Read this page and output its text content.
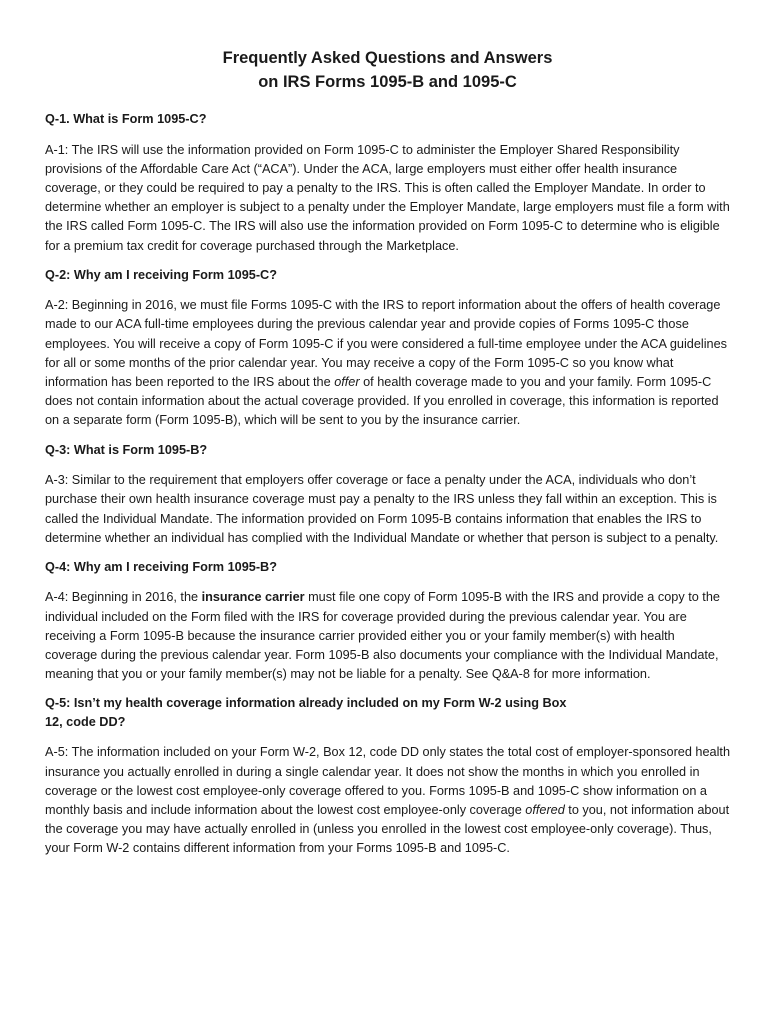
Frequently Asked Questions and Answers
on IRS Forms 1095-B and 1095-C

Q-1. What is Form 1095-C?

A-1: The IRS will use the information provided on Form 1095-C to administer the Employer Shared Responsibility provisions of the Affordable Care Act (“ACA”). Under the ACA, large employers must either offer health insurance coverage, or they could be required to pay a penalty to the IRS. This is often called the Employer Mandate. In order to determine whether an employer is subject to a penalty under the Employer Mandate, large employers must file a form with the IRS called Form 1095-C. The IRS will also use the information provided on Form 1095-C to determine who is eligible for a premium tax credit for coverage purchased through the Marketplace.

Q-2: Why am I receiving Form 1095-C?

A-2: Beginning in 2016, we must file Forms 1095-C with the IRS to report information about the offers of health coverage made to our ACA full-time employees during the previous calendar year and provide copies of Forms 1095-C those employees. You will receive a copy of Form 1095-C if you were considered a full-time employee under the ACA guidelines for all or some months of the prior calendar year. You may receive a copy of the Form 1095-C so you know what information has been reported to the IRS about the offer of health coverage made to you and your family. Form 1095-C does not contain information about the actual coverage provided. If you enrolled in coverage, this information is reported on a separate form (Form 1095-B), which will be sent to you by the insurance carrier.

Q-3: What is Form 1095-B?

A-3: Similar to the requirement that employers offer coverage or face a penalty under the ACA, individuals who don’t purchase their own health insurance coverage must pay a penalty to the IRS unless they fall within an exception. This is called the Individual Mandate. The information provided on Form 1095-B contains information that enables the IRS to determine whether an individual has complied with the Individual Mandate or whether that person is subject to a penalty.

Q-4: Why am I receiving Form 1095-B?

A-4: Beginning in 2016, the insurance carrier must file one copy of Form 1095-B with the IRS and provide a copy to the individual included on the Form filed with the IRS for coverage provided during the previous calendar year. You are receiving a Form 1095-B because the insurance carrier provided either you or your family member(s) with health coverage during the previous calendar year. Form 1095-B also documents your compliance with the Individual Mandate, meaning that you or your family member(s) may not be liable for a penalty. See Q&A-8 for more information.

Q-5: Isn’t my health coverage information already included on my Form W-2 using Box
12, code DD?

A-5: The information included on your Form W-2, Box 12, code DD only states the total cost of employer-sponsored health insurance you actually enrolled in during a single calendar year. It does not show the months in which you enrolled in coverage or the lowest cost employee-only coverage offered to you. Forms 1095-B and 1095-C show information on a monthly basis and include information about the lowest cost employee-only coverage offered to you, not information about the coverage you may have actually enrolled in (unless you enrolled in the lowest cost employee-only coverage). Thus, your Form W-2 contains different information from your Forms 1095-B and 1095-C.
